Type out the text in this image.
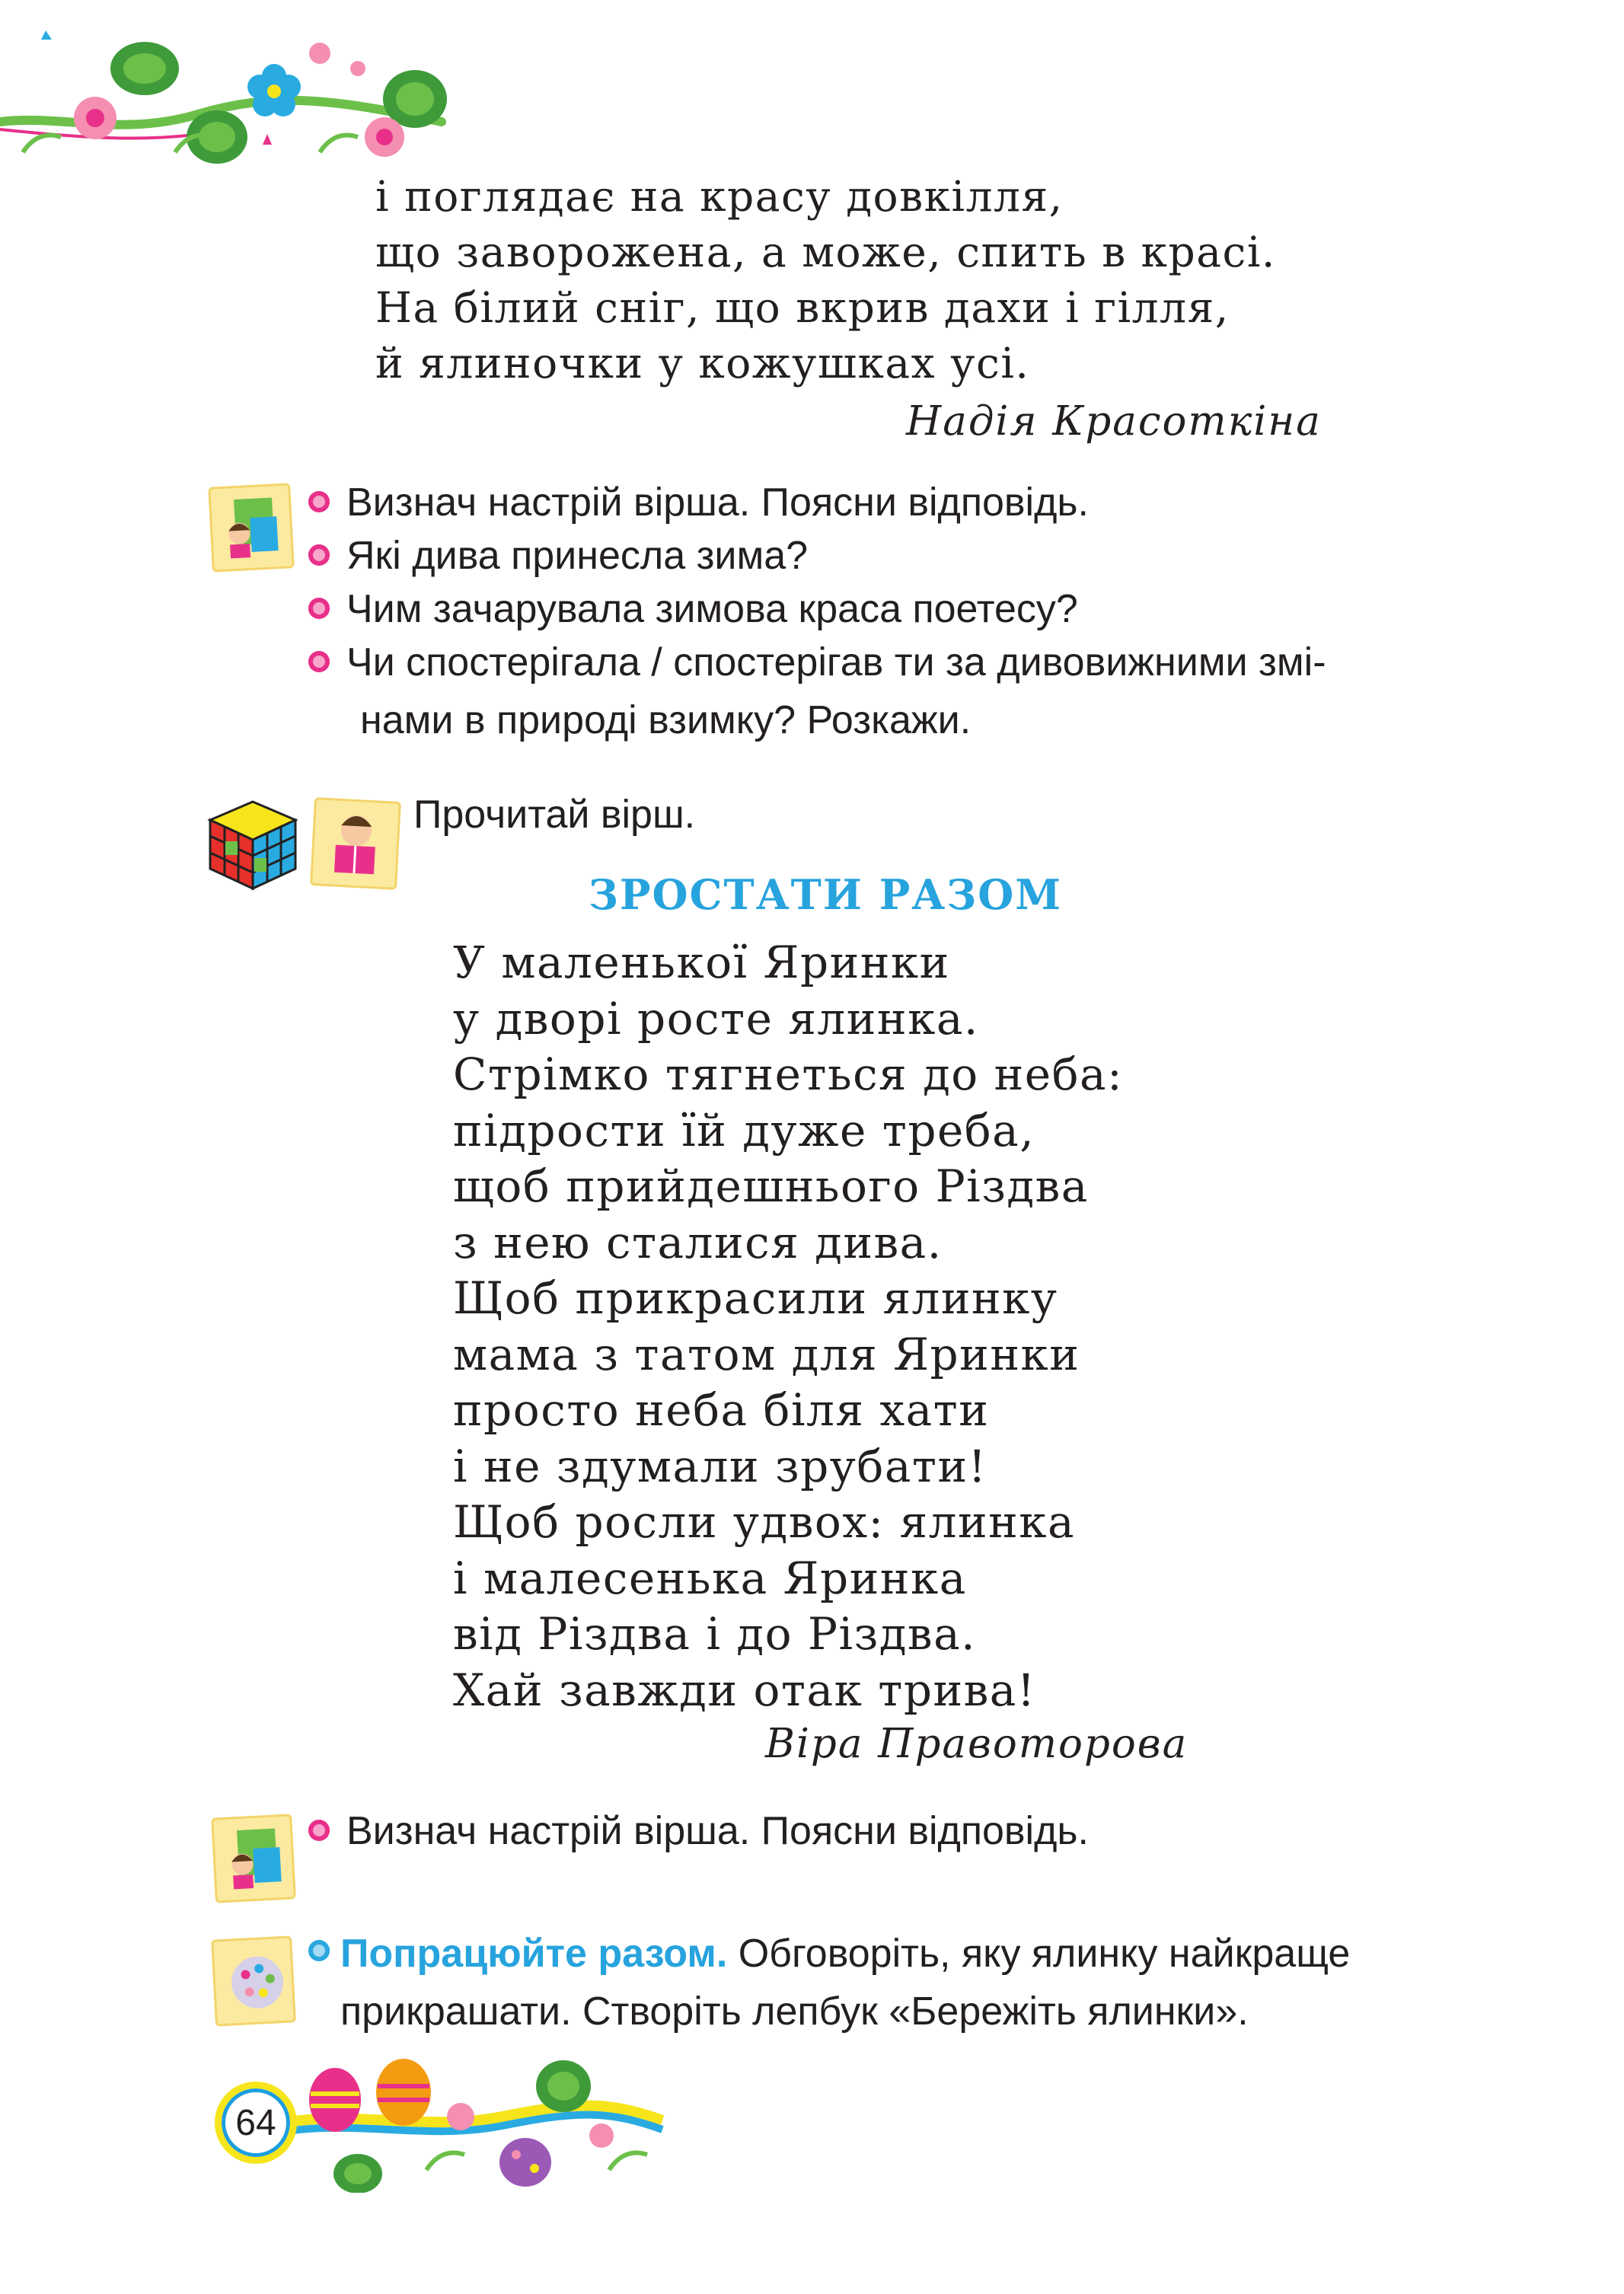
і поглядає на красу довкілля,
що заворожена, а може, спить в красі.
На білий сніг, що вкрив дахи і гілля,
й ялиночки у кожушках усі.
Надія Красоткіна
Визнач настрій вірша. Поясни відповідь.
Які дива принесла зима?
Чим зачарувала зимова краса поетесу?
Чи спостерігала / спостерігав ти за дивовижними змі-
нами в природі взимку? Розкажи.
Прочитай вірш.
ЗРОСТАТИ РАЗОМ
У маленької Яринки
у дворі росте ялинка.
Стрімко тягнеться до неба:
підрости їй дуже треба,
щоб прийдешнього Різдва
з нею сталися дива.
Щоб прикрасили ялинку
мама з татом для Яринки
просто неба біля хати
і не здумали зрубати!
Щоб росли удвох: ялинка
і малесенька Яринка
від Різдва і до Різдва.
Хай завжди отак трива!
Віра Правоторова
Визнач настрій вірша. Поясни відповідь.
Попрацюйте разом. Обговоріть, яку ялинку найкраще
прикрашати. Створіть лепбук «Бережіть ялинки».
64
